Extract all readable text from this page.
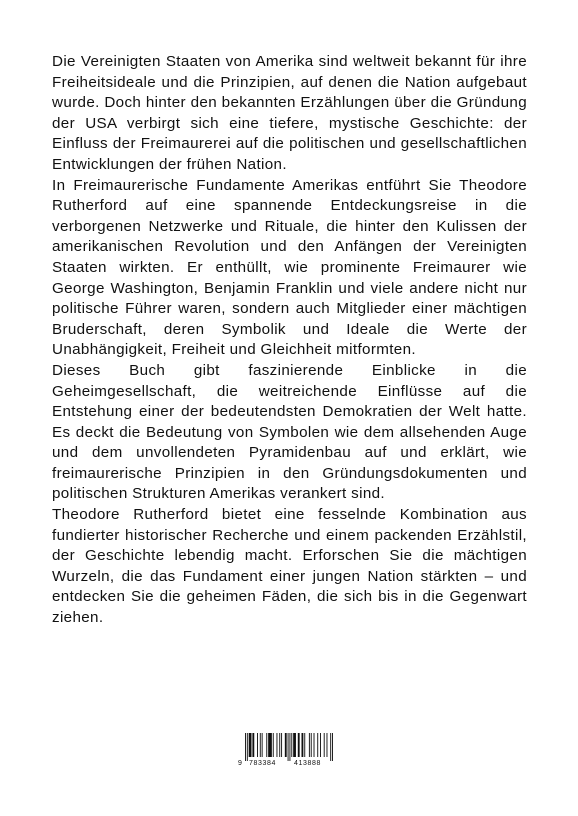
Die Vereinigten Staaten von Amerika sind weltweit bekannt für ihre Freiheitsideale und die Prinzipien, auf denen die Nation aufgebaut wurde. Doch hinter den bekannten Erzählungen über die Gründung der USA verbirgt sich eine tiefere, mystische Geschichte: der Einfluss der Freimaurerei auf die politischen und gesellschaftlichen Entwicklungen der frühen Nation.

In Freimaurerische Fundamente Amerikas entführt Sie Theodore Rutherford auf eine spannende Entdeckungsreise in die verborgenen Netzwerke und Rituale, die hinter den Kulissen der amerikanischen Revolution und den Anfängen der Vereinigten Staaten wirkten. Er enthüllt, wie prominente Freimaurer wie George Washington, Benjamin Franklin und viele andere nicht nur politische Führer waren, sondern auch Mitglieder einer mächtigen Bruderschaft, deren Symbolik und Ideale die Werte der Unabhängigkeit, Freiheit und Gleichheit mitformten.

Dieses Buch gibt faszinierende Einblicke in die Geheimgesellschaft, die weitreichende Einflüsse auf die Entstehung einer der bedeutendsten Demokratien der Welt hatte. Es deckt die Bedeutung von Symbolen wie dem allsehenden Auge und dem unvollendeten Pyramidenbau auf und erklärt, wie freimaurerische Prinzipien in den Gründungsdokumenten und politischen Strukturen Amerikas verankert sind.

Theodore Rutherford bietet eine fesselnde Kombination aus fundierter historischer Recherche und einem packenden Erzählstil, der Geschichte lebendig macht. Erforschen Sie die mächtigen Wurzeln, die das Fundament einer jungen Nation stärkten – und entdecken Sie die geheimen Fäden, die sich bis in die Gegenwart ziehen.

9 783384	413888
